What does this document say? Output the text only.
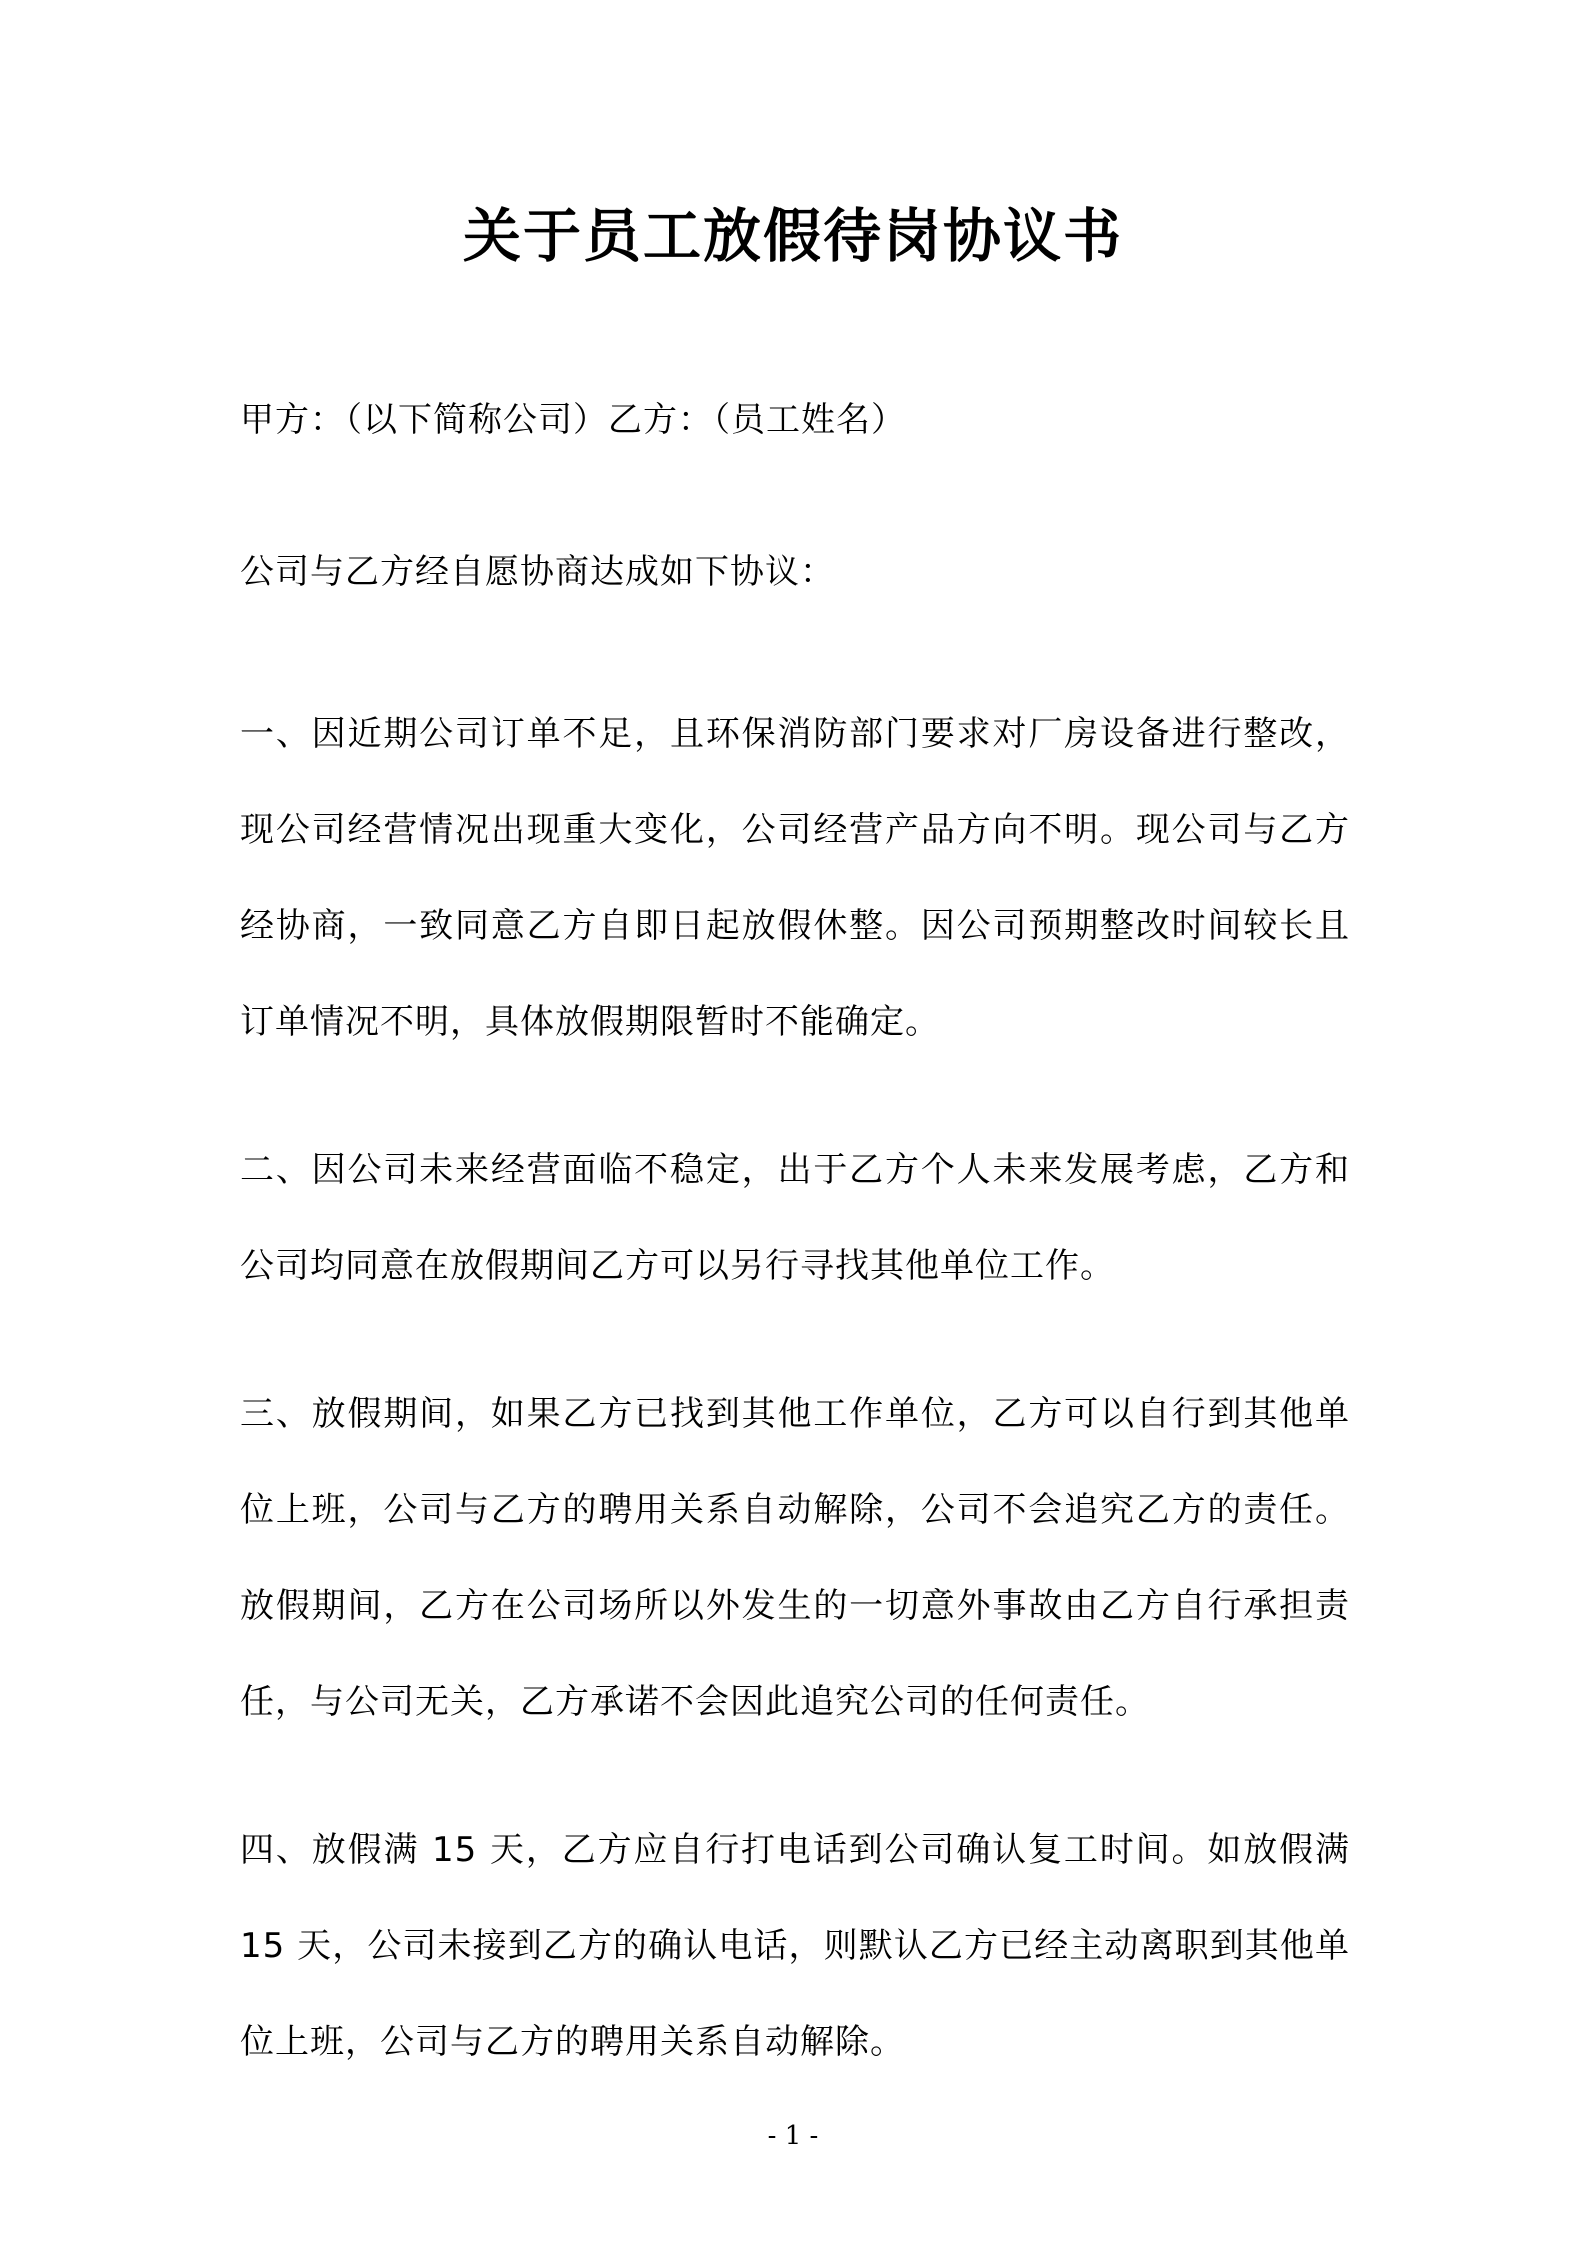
关于员工放假待岗协议书

甲方：（以下简称公司）乙方：（员工姓名）

公司与乙方经自愿协商达成如下协议：

一、因近期公司订单不足，且环保消防部门要求对厂房设备进行整改，现公司经营情况出现重大变化，公司经营产品方向不明。现公司与乙方经协商，一致同意乙方自即日起放假休整。因公司预期整改时间较长且订单情况不明，具体放假期限暂时不能确定。

二、因公司未来经营面临不稳定，出于乙方个人未来发展考虑，乙方和公司均同意在放假期间乙方可以另行寻找其他单位工作。

三、放假期间，如果乙方已找到其他工作单位，乙方可以自行到其他单位上班，公司与乙方的聘用关系自动解除，公司不会追究乙方的责任。放假期间，乙方在公司场所以外发生的一切意外事故由乙方自行承担责任，与公司无关，乙方承诺不会因此追究公司的任何责任。

四、放假满 15 天，乙方应自行打电话到公司确认复工时间。如放假满 15 天，公司未接到乙方的确认电话，则默认乙方已经主动离职到其他单位上班，公司与乙方的聘用关系自动解除。

- 1 -
